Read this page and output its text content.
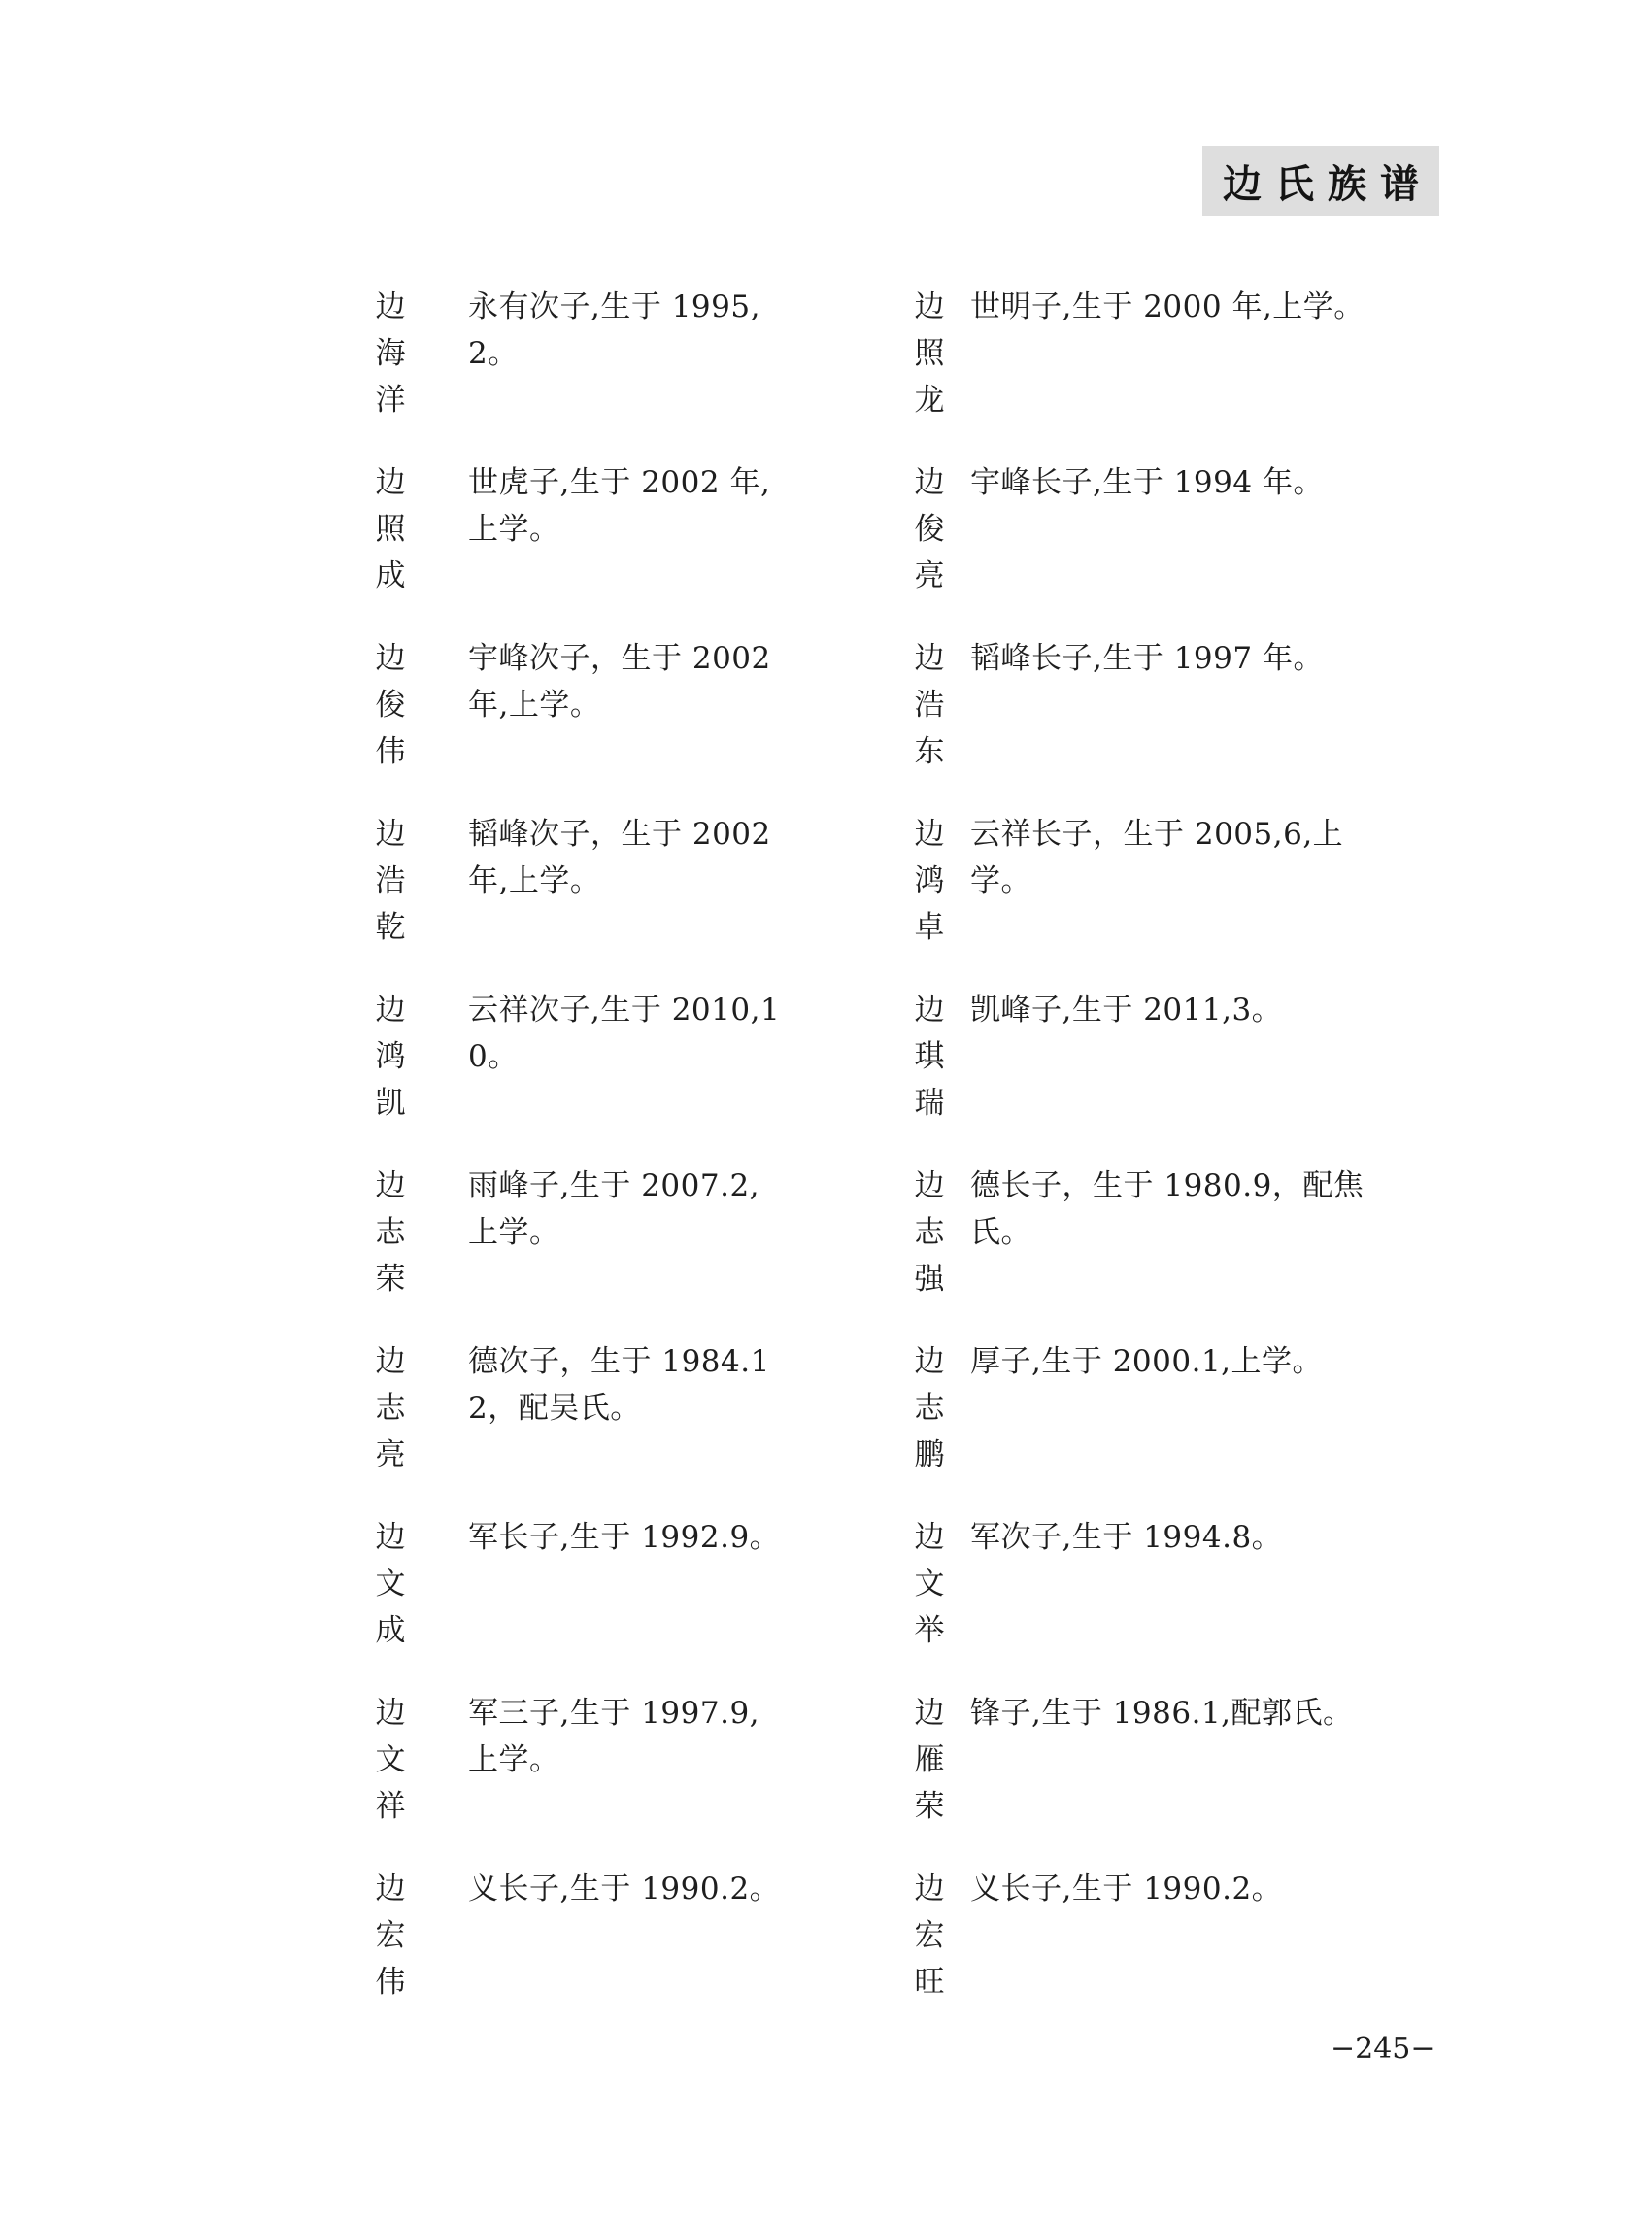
边氏族谱
边
海
洋
永有次子,生于 1995,2。
边
照
龙
世明子,生于 2000 年,上学。
边
照
成
世虎子,生于 2002 年,上学。
边
俊
亮
宇峰长子,生于 1994 年。
边
俊
伟
宇峰次子，生于 2002 年,上学。
边
浩
东
韬峰长子,生于 1997 年。
边
浩
乾
韬峰次子，生于 2002 年,上学。
边
鸿
卓
云祥长子，生于 2005,6,上学。
边
鸿
凯
云祥次子,生于 2010,10。
边
琪
瑞
凯峰子,生于 2011,3。
边
志
荣
雨峰子,生于 2007.2,上学。
边
志
强
德长子，生于 1980.9，配焦氏。
边
志
亮
德次子，生于 1984.12，配吴氏。
边
志
鹏
厚子,生于 2000.1,上学。
边
文
成
军长子,生于 1992.9。	边
文
举
军次子,生于 1994.8。
边
文
祥
军三子,生于 1997.9,上学。
边
雁
荣
锋子,生于 1986.1,配郭氏。
边
宏
伟
义长子,生于 1990.2。	边
宏
旺
义长子,生于 1990.2。
−245−
